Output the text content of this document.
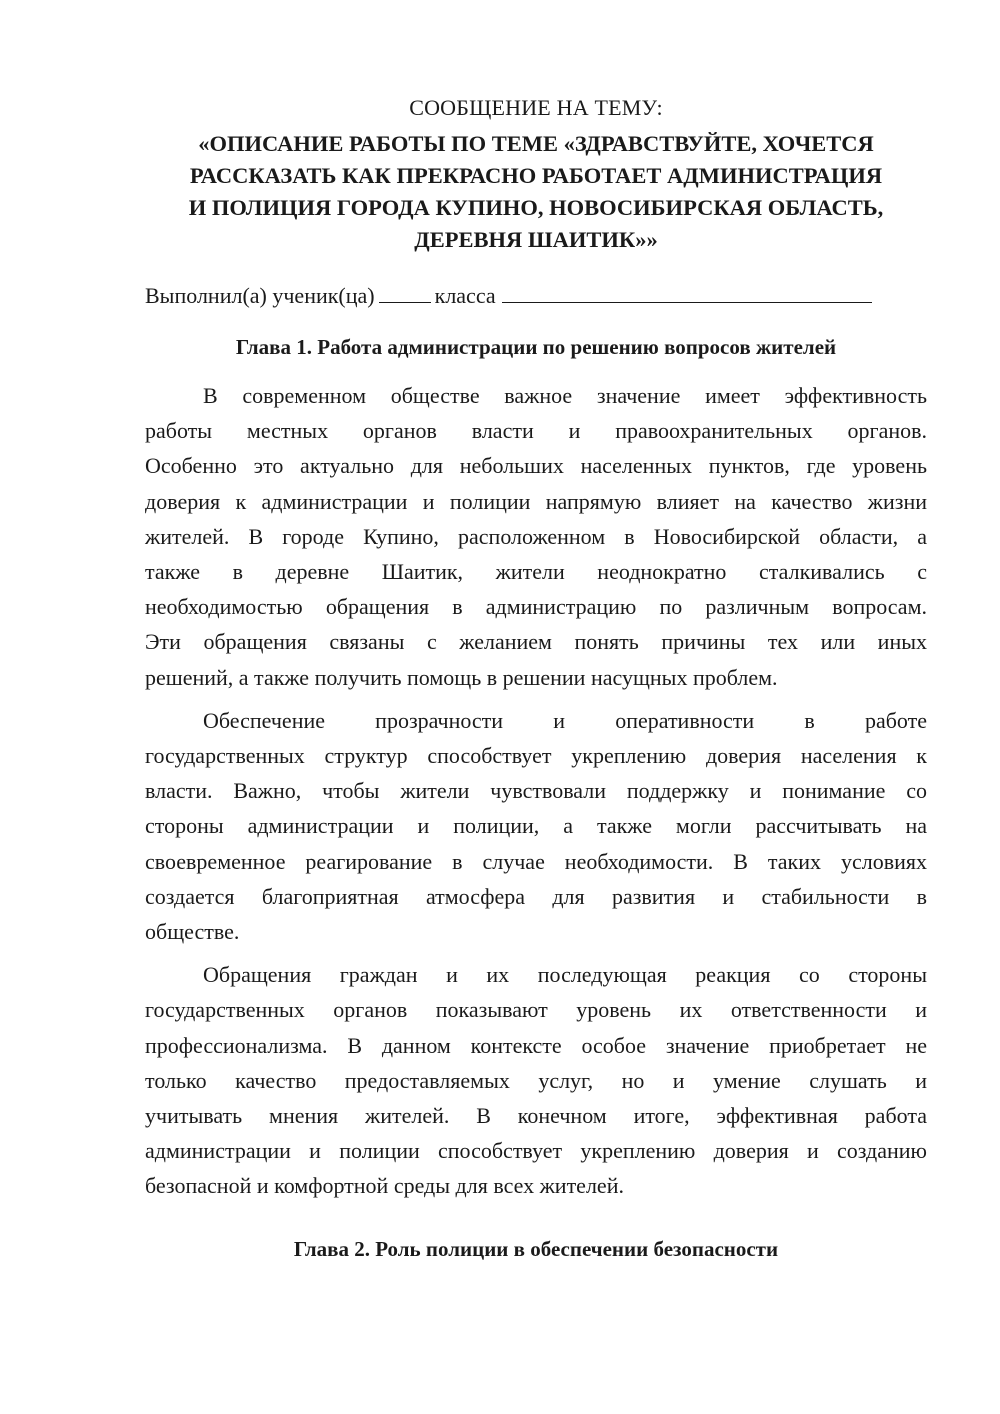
СООБЩЕНИЕ НА ТЕМУ:

«ОПИСАНИЕ РАБОТЫ ПО ТЕМЕ «ЗДРАВСТВУЙТЕ, ХОЧЕТСЯ
РАССКАЗАТЬ КАК ПРЕКРАСНО РАБОТАЕТ АДМИНИСТРАЦИЯ
И ПОЛИЦИЯ ГОРОДА КУПИНО, НОВОСИБИРСКАЯ ОБЛАСТЬ,
ДЕРЕВНЯ ШАИТИК»»
Выполнил(а) ученик(ца)	класса
Глава 1. Работа администрации по решению вопросов жителей
В современном обществе важное значение имеет эффективность
работы местных органов власти и правоохранительных органов.
Особенно это актуально для небольших населенных пунктов, где уровень
доверия к администрации и полиции напрямую влияет на качество жизни
жителей. В городе Купино, расположенном в Новосибирской области, а
также в деревне Шаитик, жители неоднократно сталкивались с
необходимостью обращения в администрацию по различным вопросам.
Эти обращения связаны с желанием понять причины тех или иных
решений, а также получить помощь в решении насущных проблем.
Обеспечение прозрачности и оперативности в работе
государственных структур способствует укреплению доверия населения к
власти. Важно, чтобы жители чувствовали поддержку и понимание со
стороны администрации и полиции, а также могли рассчитывать на
своевременное реагирование в случае необходимости. В таких условиях
создается благоприятная атмосфера для развития и стабильности в
обществе.
Обращения граждан и их последующая реакция со стороны
государственных органов показывают уровень их ответственности и
профессионализма. В данном контексте особое значение приобретает не
только качество предоставляемых услуг, но и умение слушать и
учитывать мнения жителей. В конечном итоге, эффективная работа
администрации и полиции способствует укреплению доверия и созданию
безопасной и комфортной среды для всех жителей.
Глава 2. Роль полиции в обеспечении безопасности
